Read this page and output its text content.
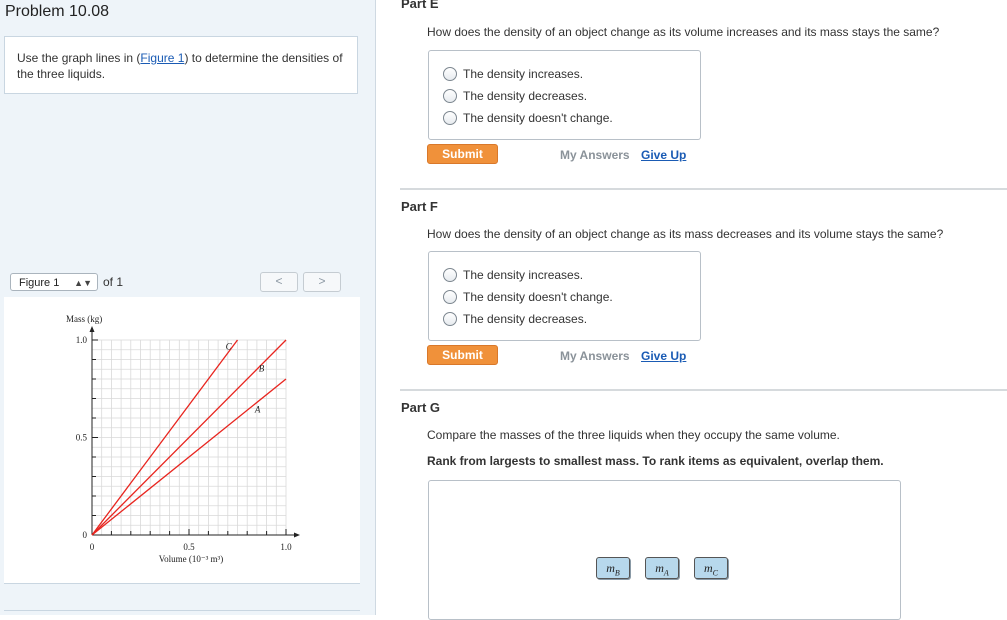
Problem 10.08
Use the graph lines in (Figure 1) to determine the densities of the three liquids.
Figure 1 ▲▼ of 1	<	>
0	0.5	1.0
0
0.5
1.0
Mass (kg)
Volume (10⁻³ m³)
C
B
A
Part E
How does the density of an object change as its volume increases and its mass stays the same?
The density increases.
The density decreases.
The density doesn't change.
Submit	My Answers Give Up
Part F
How does the density of an object change as its mass decreases and its volume stays the same?
The density increases.
The density doesn't change.
The density decreases.
Submit	My Answers Give Up
Part G
Compare the masses of the three liquids when they occupy the same volume.
Rank from largests to smallest mass. To rank items as equivalent, overlap them.
$m_B$	$m_A$	$m_C$
